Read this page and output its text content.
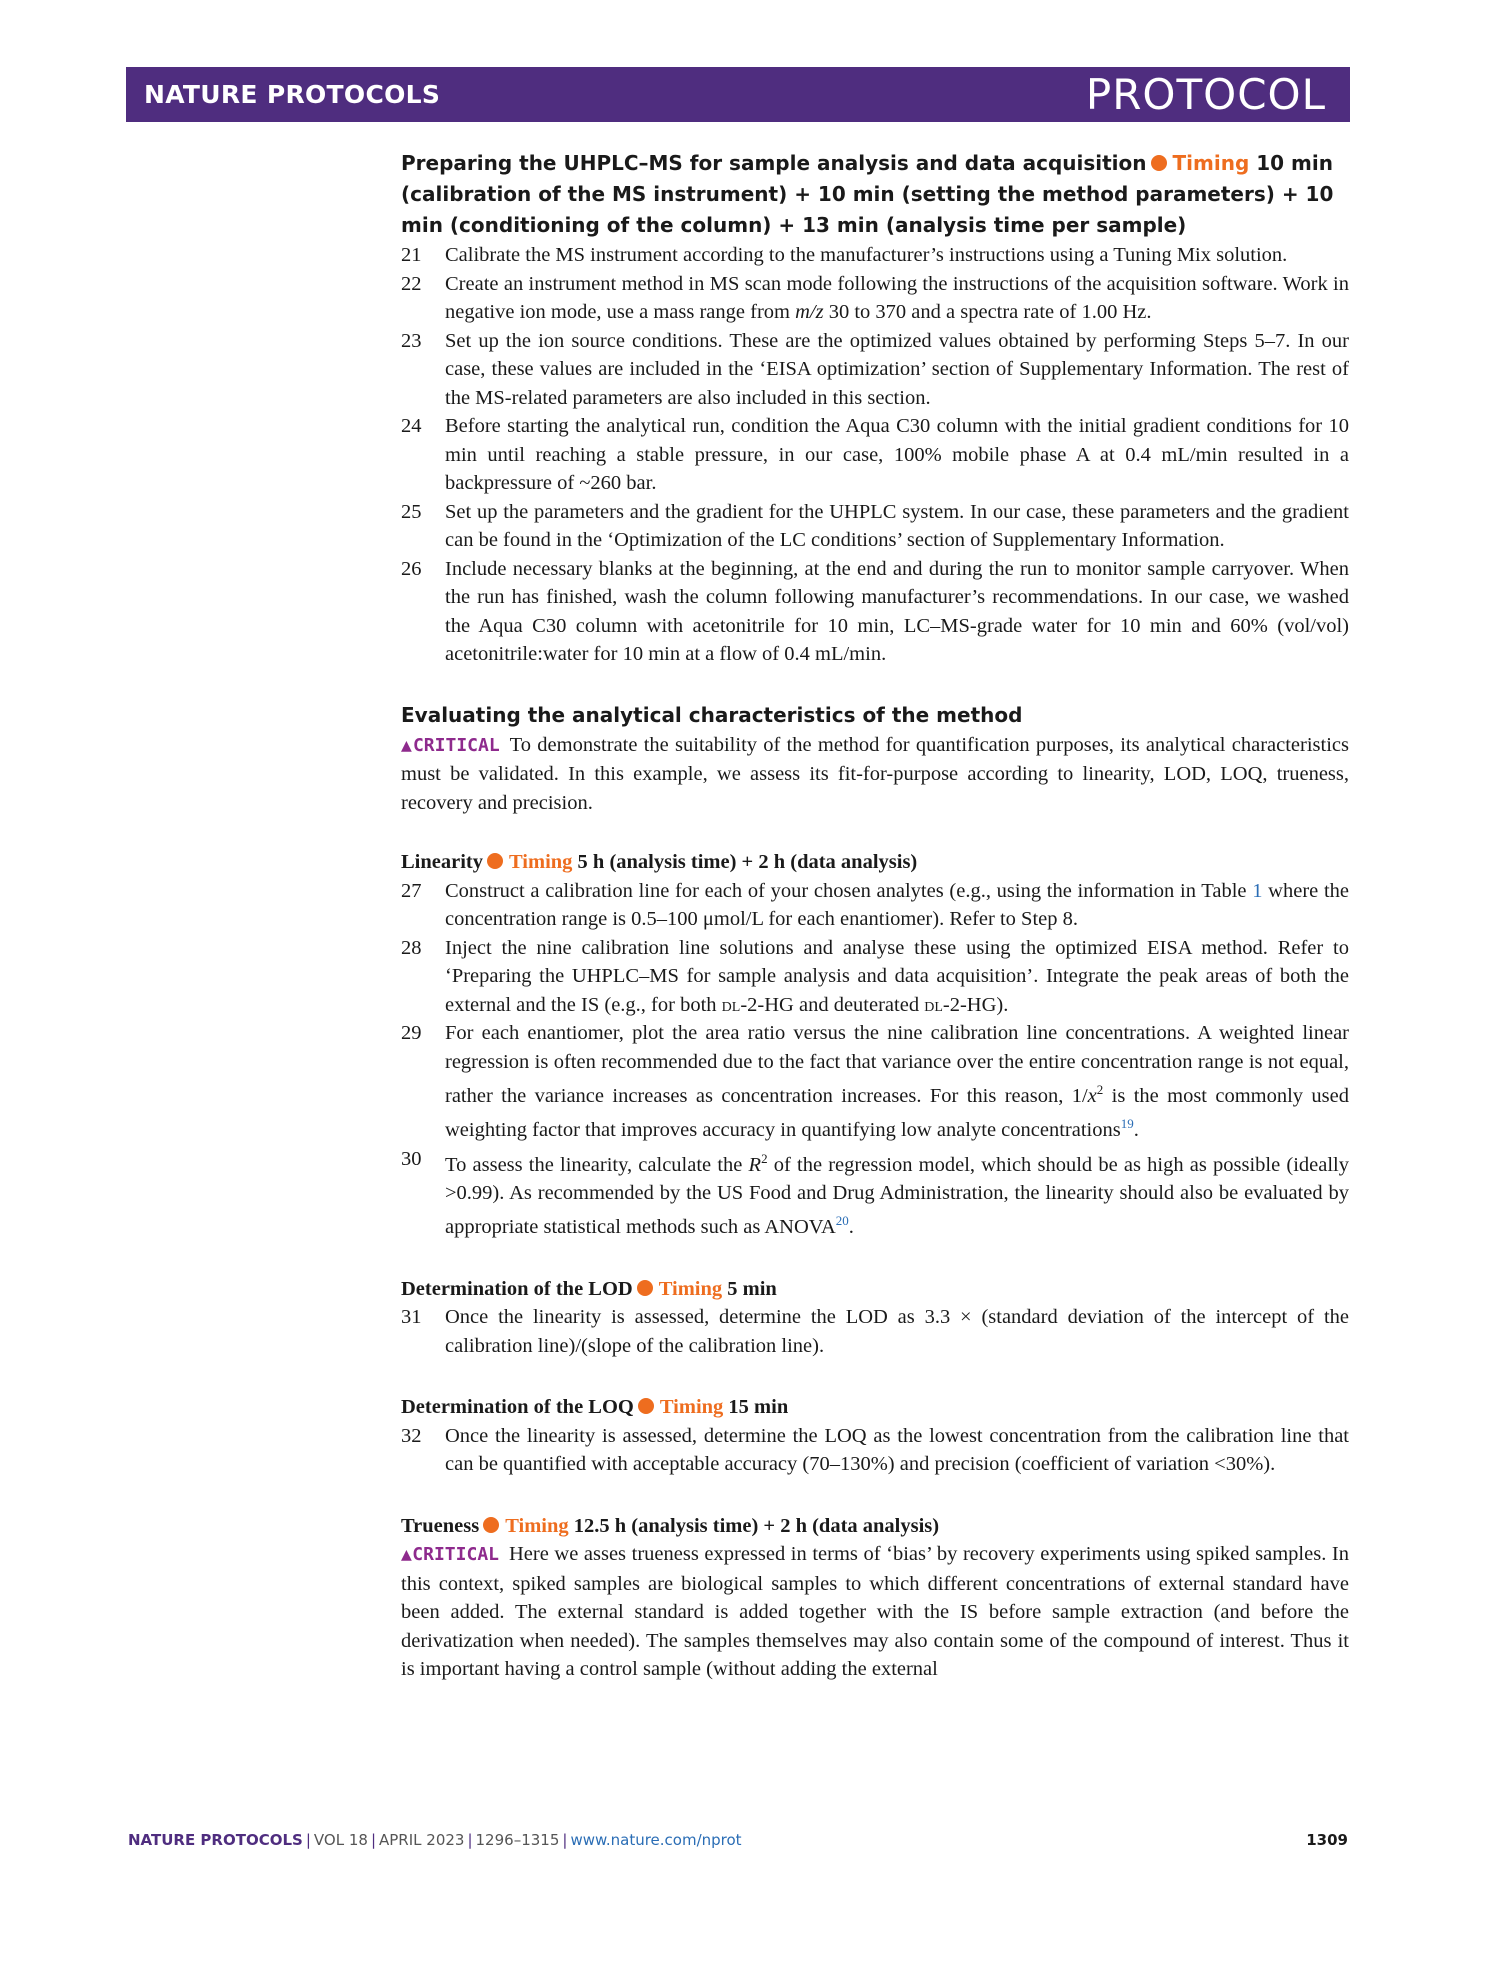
NATURE PROTOCOLS	PROTOCOL
Preparing the UHPLC–MS for sample analysis and data acquisition Timing 10 min (calibration of the MS instrument) + 10 min (setting the method parameters) + 10 min (conditioning of the column) + 13 min (analysis time per sample)
21	Calibrate the MS instrument according to the manufacturer’s instructions using a Tuning Mix solution.
22	Create an instrument method in MS scan mode following the instructions of the acquisition software. Work in negative ion mode, use a mass range from m/z 30 to 370 and a spectra rate of 1.00 Hz.
23	Set up the ion source conditions. These are the optimized values obtained by performing Steps 5–7. In our case, these values are included in the ‘EISA optimization’ section of Supplementary Information. The rest of the MS-related parameters are also included in this section.
24	Before starting the analytical run, condition the Aqua C30 column with the initial gradient conditions for 10 min until reaching a stable pressure, in our case, 100% mobile phase A at 0.4 mL/min resulted in a backpressure of ~260 bar.
25	Set up the parameters and the gradient for the UHPLC system. In our case, these parameters and the gradient can be found in the ‘Optimization of the LC conditions’ section of Supplementary Information.
26	Include necessary blanks at the beginning, at the end and during the run to monitor sample carryover. When the run has finished, wash the column following manufacturer’s recommendations. In our case, we washed the Aqua C30 column with acetonitrile for 10 min, LC–MS-grade water for 10 min and 60% (vol/vol) acetonitrile:water for 10 min at a flow of 0.4 mL/min.
Evaluating the analytical characteristics of the method

▲CRITICAL To demonstrate the suitability of the method for quantification purposes, its analytical characteristics must be validated. In this example, we assess its fit-for-purpose according to linearity, LOD, LOQ, trueness, recovery and precision.

Linearity Timing 5 h (analysis time) + 2 h (data analysis)
27	Construct a calibration line for each of your chosen analytes (e.g., using the information in Table 1 where the concentration range is 0.5–100 μmol/L for each enantiomer). Refer to Step 8.
28	Inject the nine calibration line solutions and analyse these using the optimized EISA method. Refer to ‘Preparing the UHPLC–MS for sample analysis and data acquisition’. Integrate the peak areas of both the external and the IS (e.g., for both dl-2-HG and deuterated dl-2-HG).
29	For each enantiomer, plot the area ratio versus the nine calibration line concentrations. A weighted linear regression is often recommended due to the fact that variance over the entire concentration range is not equal, rather the variance increases as concentration increases. For this reason, $1/x^2$ is the most commonly used weighting factor that improves accuracy in quantifying low analyte concentrations$^{19}$.
30	To assess the linearity, calculate the $R^2$ of the regression model, which should be as high as possible (ideally >0.99). As recommended by the US Food and Drug Administration, the linearity should also be evaluated by appropriate statistical methods such as ANOVA$^{20}$.
Determination of the LOD Timing 5 min
31	Once the linearity is assessed, determine the LOD as 3.3 × (standard deviation of the intercept of the calibration line)/(slope of the calibration line).
Determination of the LOQ Timing 15 min
32	Once the linearity is assessed, determine the LOQ as the lowest concentration from the calibration line that can be quantified with acceptable accuracy (70–130%) and precision (coefficient of variation <30%).
Trueness Timing 12.5 h (analysis time) + 2 h (data analysis)

▲CRITICAL Here we asses trueness expressed in terms of ‘bias’ by recovery experiments using spiked samples. In this context, spiked samples are biological samples to which different concentrations of external standard have been added. The external standard is added together with the IS before sample extraction (and before the derivatization when needed). The samples themselves may also contain some of the compound of interest. Thus it is important having a control sample (without adding the external

NATURE PROTOCOLS | VOL 18 | APRIL 2023 | 1296–1315 | www.nature.com/nprot	1309
